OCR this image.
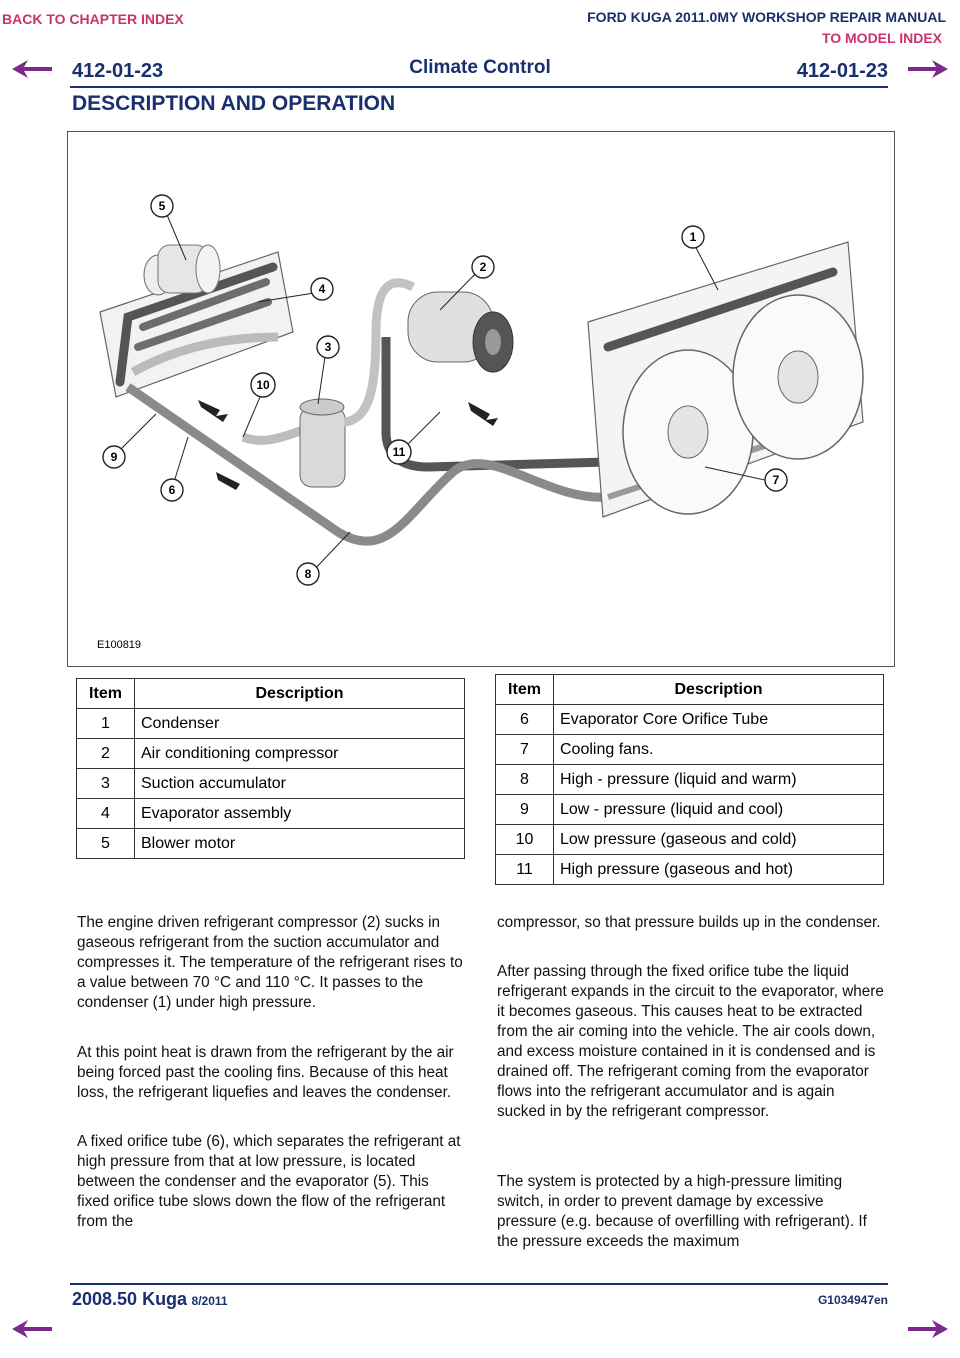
BACK TO CHAPTER INDEX	FORD KUGA 2011.0MY WORKSHOP REPAIR MANUAL
TO MODEL INDEX
412-01-23	Climate Control	412-01-23
DESCRIPTION AND OPERATION
1
2
3
4
5
6
7
8
9
10
11
E100819
Item	Description
1	Condenser
2	Air conditioning compressor
3	Suction accumulator
4	Evaporator assembly
5	Blower motor
Item	Description
6	Evaporator Core Orifice Tube
7	Cooling fans.
8	High - pressure (liquid and warm)
9	Low - pressure (liquid and cool)
10	Low pressure (gaseous and cold)
11	High pressure (gaseous and hot)

The engine driven refrigerant compressor (2) sucks in gaseous refrigerant from the suction accumulator and compresses it. The temperature of the refrigerant rises to a value between 70 °C and 110 °C. It passes to the condenser (1) under high pressure.

At this point heat is drawn from the refrigerant by the air being forced past the cooling fins. Because of this heat loss, the refrigerant liquefies and leaves the condenser.

A fixed orifice tube (6), which separates the refrigerant at high pressure from that at low pressure, is located between the condenser and the evaporator (5). This fixed orifice tube slows down the flow of the refrigerant from the

compressor, so that pressure builds up in the condenser.

After passing through the fixed orifice tube the liquid refrigerant expands in the circuit to the evaporator, where it becomes gaseous. This causes heat to be extracted from the air coming into the vehicle. The air cools down, and excess moisture contained in it is condensed and is drained off. The refrigerant coming from the evaporator flows into the refrigerant accumulator and is again sucked in by the refrigerant compressor.

The system is protected by a high-pressure limiting switch, in order to prevent damage by excessive pressure (e.g. because of overfilling with refrigerant). If the pressure exceeds the maximum

2008.50 Kuga 8/2011	G1034947en
